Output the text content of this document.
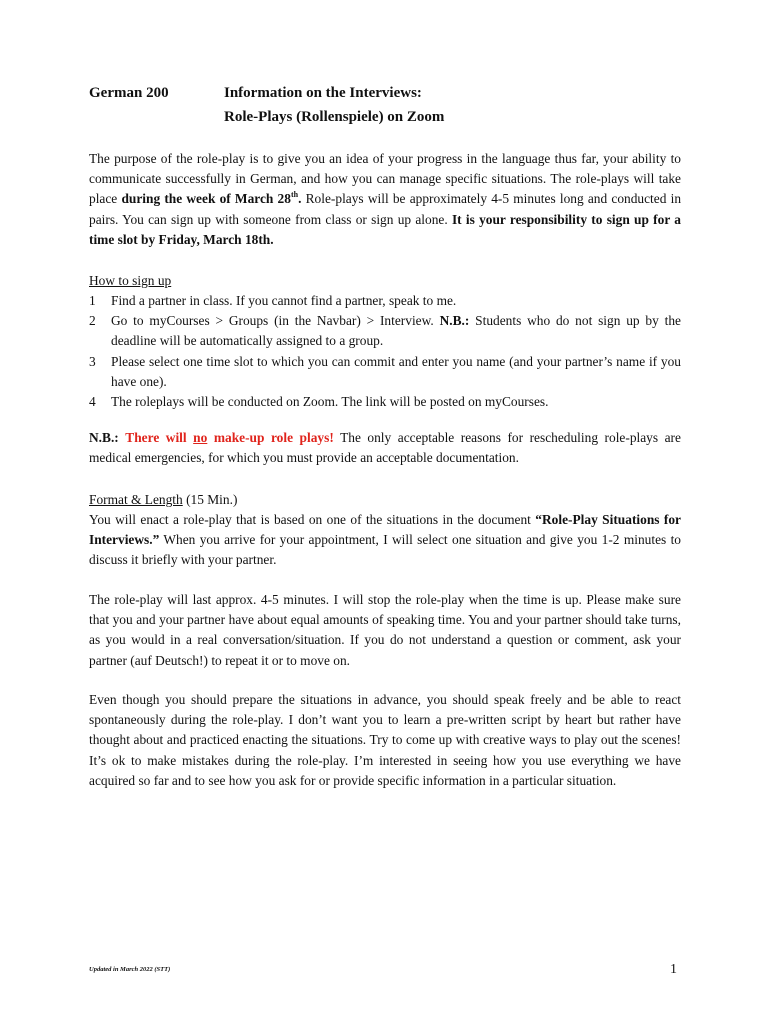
German 200	Information on the Interviews:
Role-Plays (Rollenspiele) on Zoom
The purpose of the role-play is to give you an idea of your progress in the language thus far, your ability to communicate successfully in German, and how you can manage specific situations. The role-plays will take place during the week of March 28th. Role-plays will be approximately 4-5 minutes long and conducted in pairs. You can sign up with someone from class or sign up alone. It is your responsibility to sign up for a time slot by Friday, March 18th.
How to sign up
1	Find a partner in class. If you cannot find a partner, speak to me.
2	Go to myCourses > Groups (in the Navbar) > Interview. N.B.: Students who do not sign up by the deadline will be automatically assigned to a group.
3	Please select one time slot to which you can commit and enter you name (and your partner’s name if you have one).
4	The roleplays will be conducted on Zoom. The link will be posted on myCourses.
N.B.: There will no make-up role plays! The only acceptable reasons for rescheduling role-plays are medical emergencies, for which you must provide an acceptable documentation.
Format & Length (15 Min.)
You will enact a role-play that is based on one of the situations in the document “Role-Play Situations for Interviews.” When you arrive for your appointment, I will select one situation and give you 1-2 minutes to discuss it briefly with your partner.
The role-play will last approx. 4-5 minutes. I will stop the role-play when the time is up. Please make sure that you and your partner have about equal amounts of speaking time. You and your partner should take turns, as you would in a real conversation/situation. If you do not understand a question or comment, ask your partner (auf Deutsch!) to repeat it or to move on.
Even though you should prepare the situations in advance, you should speak freely and be able to react spontaneously during the role-play. I don’t want you to learn a pre-written script by heart but rather have thought about and practiced enacting the situations. Try to come up with creative ways to play out the scenes! It’s ok to make mistakes during the role-play. I’m interested in seeing how you use everything we have acquired so far and to see how you ask for or provide specific information in a particular situation.
Updated in March 2022 (STT)	1
